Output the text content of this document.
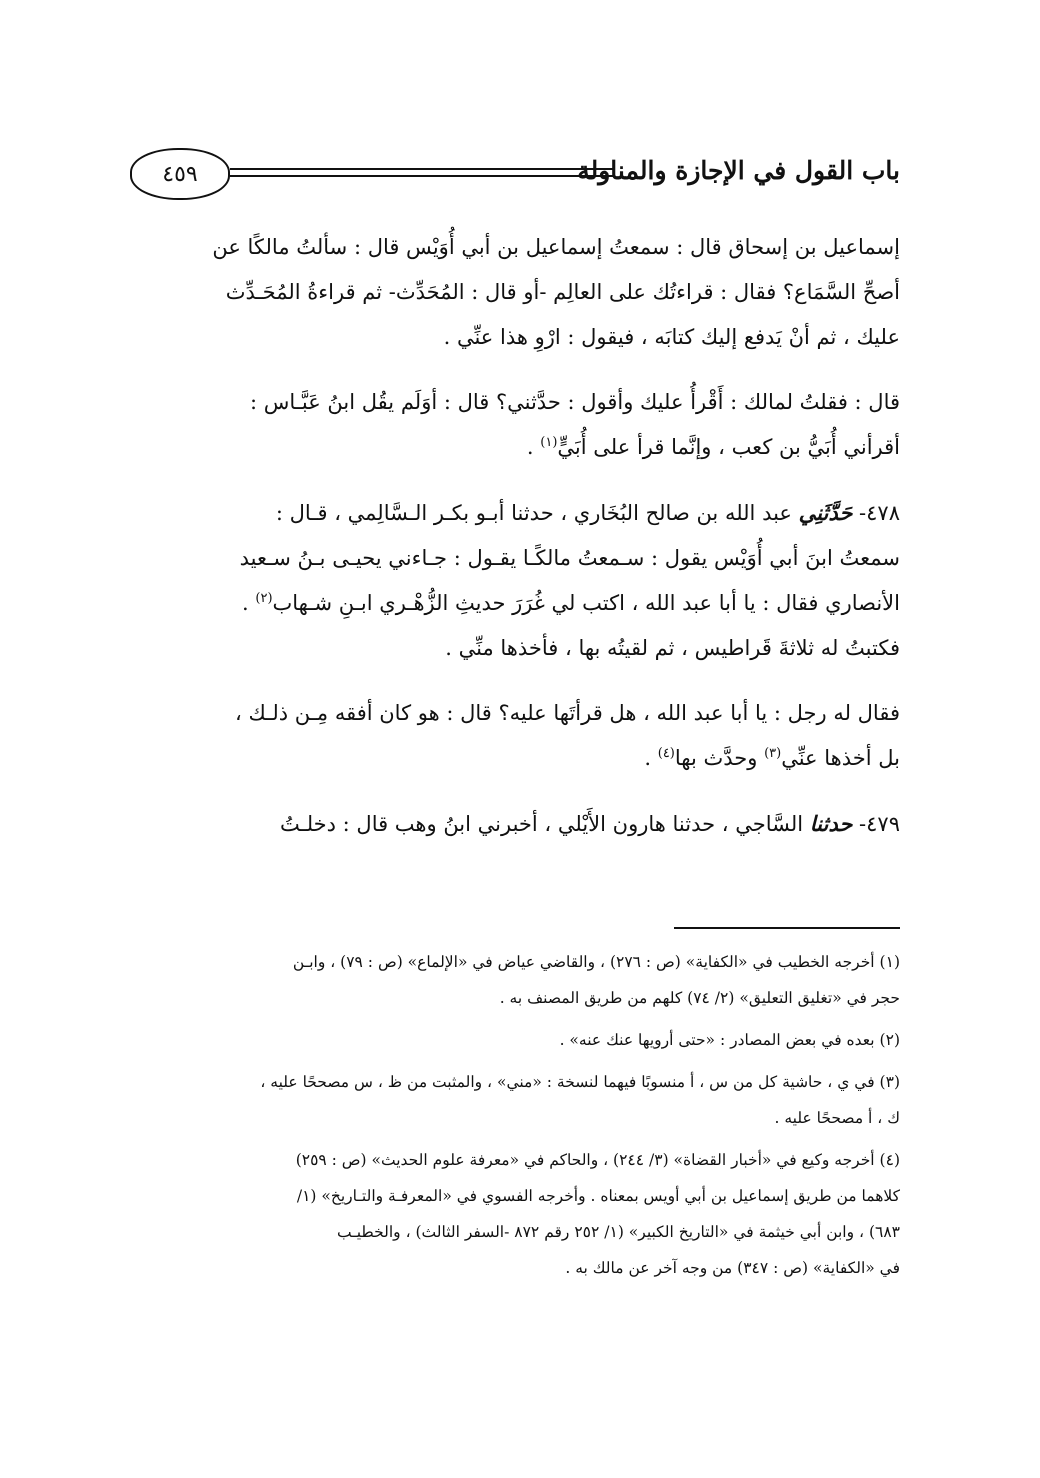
باب القول في الإجازة والمناولة
٤٥٩

إسماعيل بن إسحاق قال : سمعتُ إسماعيل بن أبي أُوَيْس قال : سألتُ مالكًا عن
أصحِّ السَّمَاع؟ فقال : قراءتُك على العالِم -أو قال : المُحَدِّث- ثم قراءةُ المُحَـدِّث
عليك ، ثم أنْ يَدفع إليك كتابَه ، فيقول : ارْوِ هذا عنِّي .

قال : فقلتُ لمالك : أَقْرأُ عليك وأقول : حدَّثني؟ قال : أوَلَم يقُل ابنُ عَبَّـاس :
أقرأني أُبَيُّ بن كعب ، وإنَّما قرأ على أُبَيٍّ$^{(١)}$ .

٤٧٨- حَدَّثَنِي عبد الله بن صالح البُخَاري ، حدثنا أبـو بكـر الـسَّالِمي ، قـال :
سمعتُ ابنَ أبي أُوَيْس يقول : سـمعتُ مالكًـا يقـول : جـاءني يحيـى بـنُ سـعيد
الأنصاري فقال : يا أبا عبد الله ، اكتب لي غُرَرَ حديثِ الزُّهْـري ابـنِ شـهاب$^{(٢)}$ .
فكتبتُ له ثلاثةَ قَراطيس ، ثم لقيتُه بها ، فأخذها منِّي .

فقال له رجل : يا أبا عبد الله ، هل قرأتَها عليه؟ قال : هو كان أفقه مِـن ذلـك ،
بل أخذها عنِّي$^{(٣)}$ وحدَّث بها$^{(٤)}$ .

٤٧٩- حدثنا السَّاجي ، حدثنا هارون الأَيْلي ، أخبرني ابنُ وهب قال : دخلـتُ

(١) أخرجه الخطيب في «الكفاية» (ص : ٢٧٦) ، والقاضي عياض في «الإلماع» (ص : ٧٩) ، وابـن
حجر في «تغليق التعليق» (٢/ ٧٤) كلهم من طريق المصنف به .

(٢) بعده في بعض المصادر : «حتى أرويها عنك عنه» .

(٣) في ي ، حاشية كل من س ، أ منسوبًا فيهما لنسخة : «مني» ، والمثبت من ظ ، س مصححًا عليه ،
ك ، أ مصححًا عليه .

(٤) أخرجه وكيع في «أخبار القضاة» (٣/ ٢٤٤) ، والحاكم في «معرفة علوم الحديث» (ص : ٢٥٩)
كلاهما من طريق إسماعيل بن أبي أويس بمعناه . وأخرجه الفسوي في «المعرفـة والتـاريخ» (١/
٦٨٣) ، وابن أبي خيثمة في «التاريخ الكبير» (١/ ٢٥٢ رقم ٨٧٢ -السفر الثالث) ، والخطيـب
في «الكفاية» (ص : ٣٤٧) من وجه آخر عن مالك به .
